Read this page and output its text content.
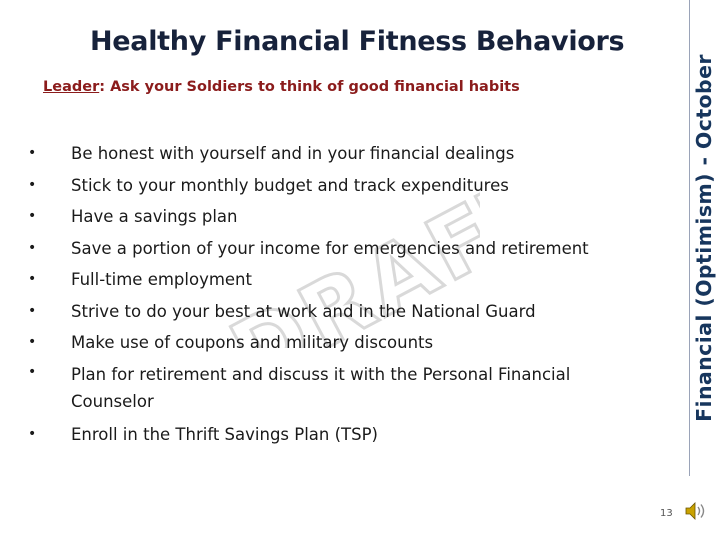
Healthy Financial Fitness Behaviors
Leader: Ask your Soldiers to think of good financial habits
DRAFT
• Be honest with yourself and in your financial dealings
• Stick to your monthly budget and track expenditures
• Have a savings plan
• Save a portion of your income for emergencies and retirement
• Full-time employment
• Strive to do your best at work and in the National Guard
• Make use of coupons and military discounts
• Plan for retirement and discuss it with the Personal Financial Counselor
• Enroll in the Thrift Savings Plan (TSP)
Financial (Optimism) - October
13
